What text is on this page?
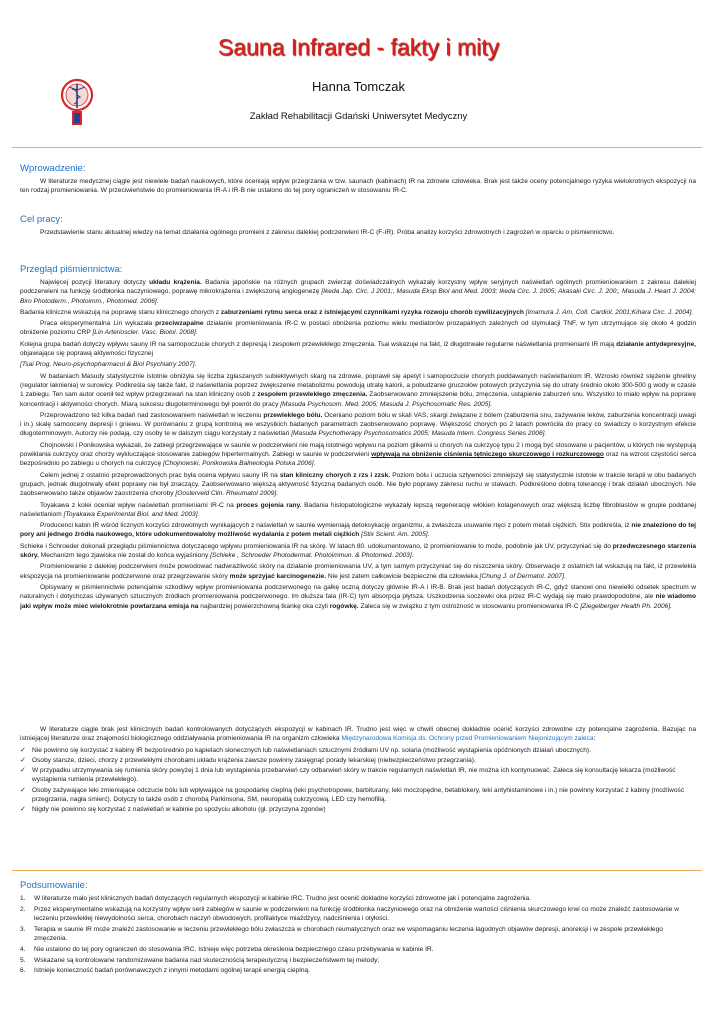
Sauna Infrared - fakty i mity
Hanna Tomczak
Zakład Rehabilitacji Gdański Uniwersytet Medyczny
Wprowadzenie:

W literaturze medycznej ciągle jest niewiele badań naukowych, które oceniają wpływ przegrzania w tzw. saunach (kabinach) IR na zdrowie człowieka. Brak jest także oceny potencjalnego ryzyka wielokrotnych ekspozycji na ten rodzaj promieniowania. W przeciwieństwie do promieniowania IR-A i IR-B nie ustalono do tej pory ograniczeń w stosowaniu IR-C.

Cel pracy:

Przedstawienie stanu aktualnej wiedzy na temat działania ogólnego promieni z zakresu dalekiej podczerwieni IR-C (F-IR). Próba analizy korzyści zdrowotnych i zagrożeń w oparciu o piśmiennictwo.

Przegląd piśmiennictwa:

Najwięcej pozycji literatury dotyczy układu krążenia. Badania japońskie na różnych grupach zwierząt doświadczalnych wykazały korzystny wpływ seryjnych naświetlań ogólnych promieniowaniem z zakresu dalekiej podczerwieni na funkcję śródbłonka naczyniowego, poprawę mikrokrążenia i zwiększoną angiogenezę [Ikeda Jap. Circ. J 2001;, Masuda Eksp Biol and Med. 2003; Ikeda Circ. J. 2005; Akasaki Circ. J. 200;, Masuda J. Heart J. 2004; Biro Photoderm., Photoimm., Photomed. 2006].

Badania kliniczne wskazują na poprawę stanu klinicznego chorych z zaburzeniami rytmu serca oraz z istniejącymi czynnikami ryzyka rozwoju chorób cywilizacyjnych [Imamura J. Am. Coll. Cardiol. 2001;Kihara Circ. J. 2004].

Praca eksperymentalna Lin wykazała przeciwzapalne działanie promieniowania IR-C w postaci obniżenia poziomu wielu mediatorów prozapalnych zależnych od stymulacji TNF, w tym utrzymujące się około 4 godzin obniżenie poziomu CRP [Lin Arterioscler. Vasc. Biolol. 2008].

Kolejna grupa badań dotyczy wpływu sauny IR na samopoczucie chorych z depresją i zespołem przewlekłego zmęczenia. Tsai wskazuje na fakt, iż długotrwałe regularne naświetlania promieniami IR mają działanie antydepresyjne, objawiające się poprawą aktywności fizycznej

[Tsai Prog. Neuro-psychopharmacol & Biol Psychiatry 2007].

W badaniach Masudy statystycznie istotnie obniżyła się liczba zgłaszanych subiektywnych skarg na zdrowie, poprawił się apetyt i samopoczucie chorych poddawanych naświetlaniom IR. Wzrosło również stężenie ghreliny (regulator łaknienia) w surowicy. Podkreśla się także fakt, iż naświetlania poprzez zwiększenie metabolizmu powodują utratę kalorii, a pobudzanie gruczołów potowych przyczynia się do utraty średnio około 300-500 g wody w czasie 1 zabiegu. Ten sam autor ocenił też wpływ przegrzewań na stan kliniczny osób z zespołem przewlekłego zmęczenia. Zaobserwowano zmniejszenie bólu, zmęczenia, ustąpienie zaburzeń snu. Wszystko to miało wpływ na poprawę koncentracji i aktywności chorych. Miarą sukcesu długoterminowego był powrót do pracy [Masuda Psychosom. Med. 2005; Masuda J. Psychosomatic Res. 2005].

Przeprowadzono też kilka badań nad zastosowaniem naświetlań w leczeniu przewlekłego bólu. Oceniano poziom bólu w skali VAS, skargi związane z bólem (zaburzenia snu, zażywanie leków, zaburzenia koncentracji uwagi i in.) skalę samooceny depresji i gniewu. W porównaniu z grupą kontrolną we wszystkich badanych parametrach zaobserwowano poprawę. Większość chorych po 2 latach powróciła do pracy co świadczy o korzystnym efekcie długoterminowym. Autorzy nie podają, czy osoby te w dalszym ciągu korzystały z naświetlań [Masuda Psychotherapy Psychosomatics 2005; Masuda Intern. Congress Series 2006].

Chojnowski i Ponikowska wykazali, że zabiegi przegrzewające w saunie w podczerwieni nie mają istotnego wpływu na poziom glikemii u chorych na cukrzycę typu 2 i mogą być stosowane u pacjentów, u których nie występują powikłania cukrzycy oraz chorzy wykluczające stosowanie zabiegów hipertermalnych. Zabiegi w saunie w podczerwieni wpływają na obniżenie ciśnienia tętniczego skurczowego i rozkurczowego oraz na wzrost częstości serca bezpośrednio po zabiegu u chorych na cukrzycę [Chojnowski, Ponikowska Balneologia Polska 2006].

Celem jednej z ostatnio przeprowadzonych prac była ocena wpływu sauny IR na stan kliniczny chorych z rzs i zzsk. Poziom bólu i uczucia sztywności zmniejszył się statystycznie istotnie w trakcie terapii w obu badanych grupach, jednak długotrwały efekt poprawy nie był znaczący. Zaobserwowano większą aktywność fizyczną badanych osób. Nie było poprawy zakresu ruchu w stawach. Podkreślono dobrą tolerancję i brak działań ubocznych. Nie zaobserwowano także objawów zaostrzenia choroby [Oosterveld Clin. Rheumatol 2009].

Toyakawa z kolei oceniał wpływ naświetlań promieniami IR-C na proces gojenia rany. Badania histopatologiczne wykazały lepszą regenerację włókien kolagenowych oraz większą liczbę fibroblastów w grupie poddanej naświetlaniom [Toyakawa Experimental Biol. and Med. 2003].

Producenci kabin IR wśród licznych korzyści zdrowotnych wynikających z naświetlań w saunie wymieniają detoksykację organizmu, a zwłaszcza usuwanie rtęci z potem metali ciężkich. Stix podkreśla, iż nie znaleziono do tej pory ani jednego źródła naukowego, które udokumentowałoby możliwość wydalania z potem metali ciężkich [Stix Scient. Am. 2005].

Schieke i Schroeder dokonali przeglądu piśmiennictwa dotyczącego wpływu promieniowania IR na skórę. W latach 80. udokumentowano, iż promieniowanie to może, podobnie jak UV, przyczyniać się do przedwczesnego starzenia skóry. Mechanizm tego zjawiska nie został do końca wyjaśniony [Schieke , Schroeder Photodermat. Photoimmun. & Photomed. 2003].

Promieniowanie z dalekiej podczerwieni może powodować nadwrażliwość skóry na działanie promieniowania UV, a tym samym przyczyniać się do niszczenia skóry. Obserwacje z ostatnich lat wskazują na fakt, iż przewlekła ekspozycja na promieniowanie podczerwone oraz przegrzewanie skóry może sprzyjać karcinogenezie. Nie jest zatem całkowicie bezpieczne dla człowieka [Chung J. of Dermatol. 2007].

Opisywany w piśmiennictwie potencjalnie szkodliwy wpływ promieniowania podczerwonego na gałkę oczną dotyczy głównie IR-A i IR-B. Brak jest badań dotyczących IR-C, gdyż stanowi ono niewielki odsetek spectrum w naturalnych i dotychczas używanych sztucznych źródłach promieniowania podczerwonego. Im dłuższa fala (IR-C) tym absorpcja płytsza. Uszkodzenia soczewki oka przez IR-C wydają się mało prawdopodobne, ale nie wiadomo jaki wpływ może mieć wielokrotnie powtarzana emisja na najbardziej powierzchowną tkankę oka czyli rogówkę. Zaleca się w związku z tym ostrożność w stosowaniu promieniowania IR-C [Ziegelberger Health Ph. 2006].

W literaturze ciągle brak jest klinicznych badań kontrolowanych dotyczących ekspozycji w kabinach IR. Trudno jest więc w chwili obecnej dokładnie ocenić korzyści zdrowotne czy potencjalne zagrożenia. Bazując na istniejącej literaturze oraz znajomości biologicznego oddziaływania promieniowania IR na organizm człowieka Międzynarodowa Komisja ds. Ochrony przed Promieniowaniem Niejonizującym zaleca:

✓ Nie powinno się korzystać z kabiny IR bezpośrednio po kąpielach słonecznych lub naświetlaniach sztucznymi źródłami UV np. solaria (możliwość wystąpienia opóźnionych działań ubocznych).
✓ Osoby starsze, dzieci, chorzy z przewlekłymi chorobami układu krążenia zawsze powinny zasięgnąć porady lekarskiej (niebezpieczeństwo przegrzania).
✓ W przypadku utrzymywania się rumienia skóry powyżej 1 dnia lub wystąpienia przebarwień czy odbarwień skóry w trakcie regularnych naświetlań IR, nie można ich kontynuować. Zaleca się konsultację lekarza (możliwość wystąpienia rumienia przewlekłego).
✓ Osoby zażywające leki zmieniające odczucie bólu lub wpływające na gospodarkę cieplną (leki psychotropowe, barbiturany, leki moczopędne, betablokery, leki antyhistaminowe i in.) nie powinny korzystać z kabiny (możliwość przegrzania, nagła śmierć). Dotyczy to także osób z chorobą Parkinsona, SM, neuropatią cukrzycową, LED czy hemofilią.
✓ Nigdy nie powinno się korzystać z naświetlań w kabinie po spożyciu alkoholu (gł. przyczyna zgonów)
Podsumowanie:
1. W literaturze mało jest klinicznych badań dotyczących regularnych ekspozycji w kabinie IRC. Trudno jest ocenić dokładne korzyści zdrowotne jak i potencjalne zagrożenia.
2. Przez eksperymentalne wskazują na korzystny wpływ serii zabiegów w saunie w podczerwieni na funkcję śródbłonka naczyniowego oraz na obniżenie wartości ciśnienia skurczowego krwi co może znaleźć zastosowanie w leczeniu przewlekłej niewydolności serca, chorobach naczyń obwodowych, profilaktyce miażdżycy, nadciśnienia i otyłości.
3. Terapia w saunie IR może znaleźć zastosowanie w leczeniu przewlekłego bólu zwłaszcza w chorobach reumatycznych oraz we wspomaganiu leczenia łagodnych objawów depresji, anoreksji i w zespole przewlekłego zmęczenia.
4. Nie ustalono do tej pory ograniczeń do stosowania IRC. Istnieje więc potrzeba określenia bezpiecznego czasu przebywania w kabinie IR.
5. Wskazane są kontrolowane randomizowane badania nad skutecznością terapeutyczną i bezpieczeństwem tej metody;
6. Istnieje konieczność badań porównawczych z innymi metodami ogólnej terapii energią cieplną.
